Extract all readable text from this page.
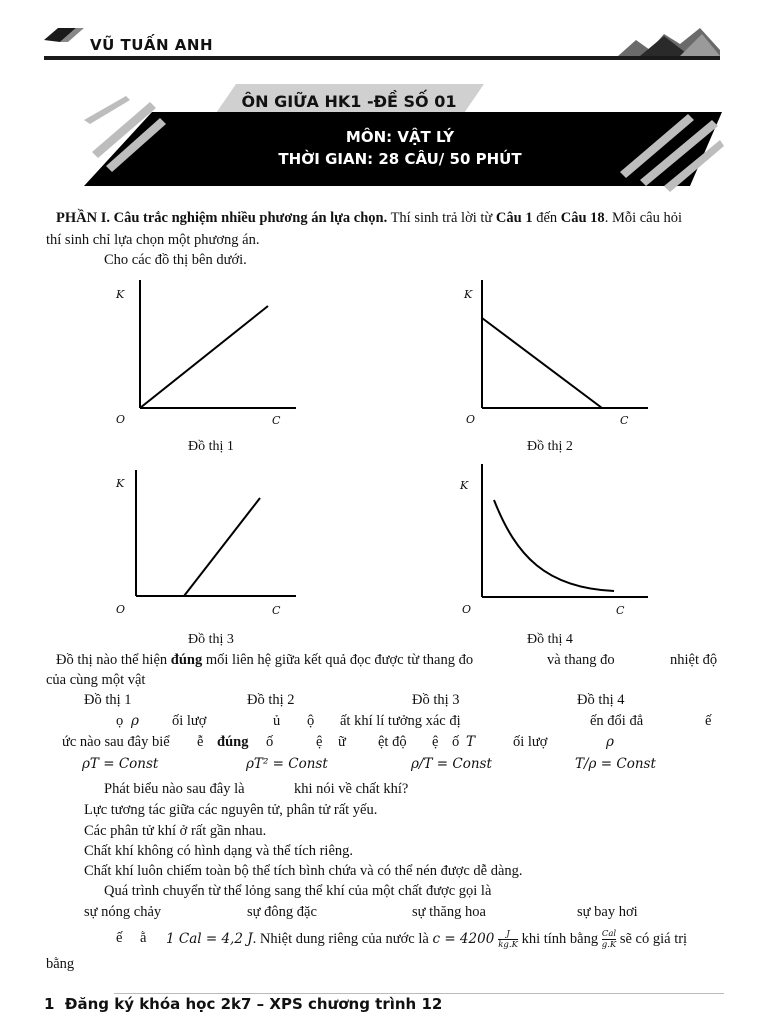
VŨ TUẤN ANH
ÔN GIỮA HK1 -ĐỀ SỐ 01
MÔN: VẬT LÝ
THỜI GIAN: 28 CÂU/ 50 PHÚT
PHẦN I. Câu trắc nghiệm nhiều phương án lựa chọn. Thí sinh trả lời từ Câu 1 đến Câu 18. Mỗi câu hỏi
thí sinh chỉ lựa chọn một phương án.
Cho các đồ thị bên dưới.
K
O	C
Đồ thị 1
K
O	C
Đồ thị 2
K
O	C
Đồ thị 3
K
O	C
Đồ thị 4
Đồ thị nào thể hiện đúng mối liên hệ giữa kết quả đọc được từ thang đo	và thang đo	nhiệt độ
của cùng một vật
Đồ thị 1	Đồ thị 2	Đồ thị 3	Đồ thị 4
ọ ρ ối lượ	ủ ộ ất khí lí tưởng xác đị	ến đổi đẳ	ế
ức nào sau đây biể ễ đúng ố	ệ ữ ệt độ ệ ố T	ối lượ	ρ
ρT = Const	ρT² = Const	ρ/T = Const	T/ρ = Const
Phát biểu nào sau đây là	khi nói về chất khí?
Lực tương tác giữa các nguyên tử, phân tử rất yếu.
Các phân tử khí ở rất gần nhau.
Chất khí không có hình dạng và thể tích riêng.
Chất khí luôn chiếm toàn bộ thể tích bình chứa và có thể nén được dễ dàng.
Quá trình chuyển từ thể lỏng sang thể khí của một chất được gọi là
sự nóng chảy	sự đông đặc	sự thăng hoa	sự bay hơi
ế ằ 1 Cal = 4,2 J. Nhiệt dung riêng của nước là $c = 4200 \frac{J}{kg.K}$ khi tính bằng Cal
g.K sẽ có giá trị
bằng
1 Đăng ký khóa học 2k7 – XPS chương trình 12
